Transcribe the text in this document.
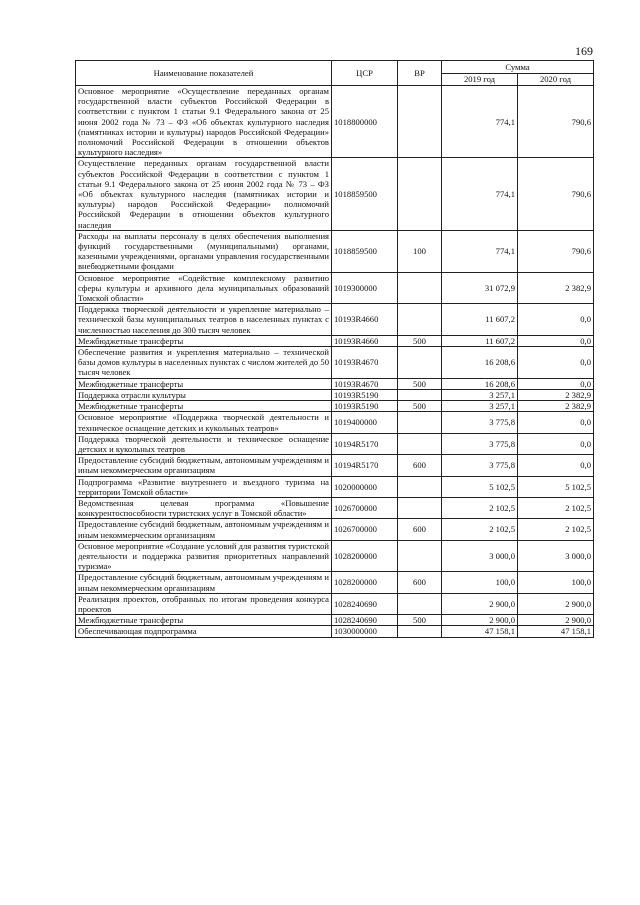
169
Наименование показателей	ЦСР	ВР	Сумма	
			2019 год	2020 год
Основное мероприятие «Осуществление переданных органам государственной власти субъектов Российской Федерации в соответствии с пунктом 1 статьи 9.1 Федерального закона от 25 июня 2002 года № 73 – ФЗ «Об объектах культурного наследия (памятниках истории и культуры) народов Российской Федерации» полномочий Российской Федерации в отношении объектов культурного наследия»	1018800000		774,1	790,6
Осуществление переданных органам государственной власти субъектов Российской Федерации в соответствии с пунктом 1 статьи 9.1 Федерального закона от 25 июня 2002 года № 73 – ФЗ «Об объектах культурного наследия (памятниках истории и культуры) народов Российской Федерации» полномочий Российской Федерации в отношении объектов культурного наследия	1018859500		774,1	790,6
Расходы на выплаты персоналу в целях обеспечения выполнения функций государственными (муниципальными) органами, казенными учреждениями, органами управления государственными внебюджетными фондами	1018859500	100	774,1	790,6
Основное мероприятие «Содействие комплексному развитию сферы культуры и архивного дела муниципальных образований Томской области»	1019300000		31 072,9	2 382,9
Поддержка творческой деятельности и укрепление материально – технической базы муниципальных театров в населенных пунктах с численностью населения до 300 тысяч человек	10193R4660		11 607,2	0,0
Межбюджетные трансферты	10193R4660	500	11 607,2	0,0
Обеспечение развития и укрепления материально – технической базы домов культуры в населенных пунктах с числом жителей до 50 тысяч человек	10193R4670		16 208,6	0,0
Межбюджетные трансферты	10193R4670	500	16 208,6	0,0
Поддержка отрасли культуры	10193R5190		3 257,1	2 382,9
Межбюджетные трансферты	10193R5190	500	3 257,1	2 382,9
Основное мероприятие «Поддержка творческой деятельности и техническое оснащение детских и кукольных театров»	1019400000		3 775,8	0,0
Поддержка творческой деятельности и техническое оснащение детских и кукольных театров	10194R5170		3 775,8	0,0
Предоставление субсидий бюджетным, автономным учреждениям и иным некоммерческим организациям	10194R5170	600	3 775,8	0,0
Подпрограмма «Развитие внутреннего и въездного туризма на территории Томской области»	1020000000		5 102,5	5 102,5
Ведомственная целевая программа «Повышение конкурентоспособности туристских услуг в Томской области»	1026700000		2 102,5	2 102,5
Предоставление субсидий бюджетным, автономным учреждениям и иным некоммерческим организациям	1026700000	600	2 102,5	2 102,5
Основное мероприятие «Создание условий для развития туристской деятельности и поддержка развития приоритетных направлений туризма»	1028200000		3 000,0	3 000,0
Предоставление субсидий бюджетным, автономным учреждениям и иным некоммерческим организациям	1028200000	600	100,0	100,0
Реализация проектов, отобранных по итогам проведения конкурса проектов	1028240690		2 900,0	2 900,0
Межбюджетные трансферты	1028240690	500	2 900,0	2 900,0
Обеспечивающая подпрограмма	1030000000		47 158,1	47 158,1
